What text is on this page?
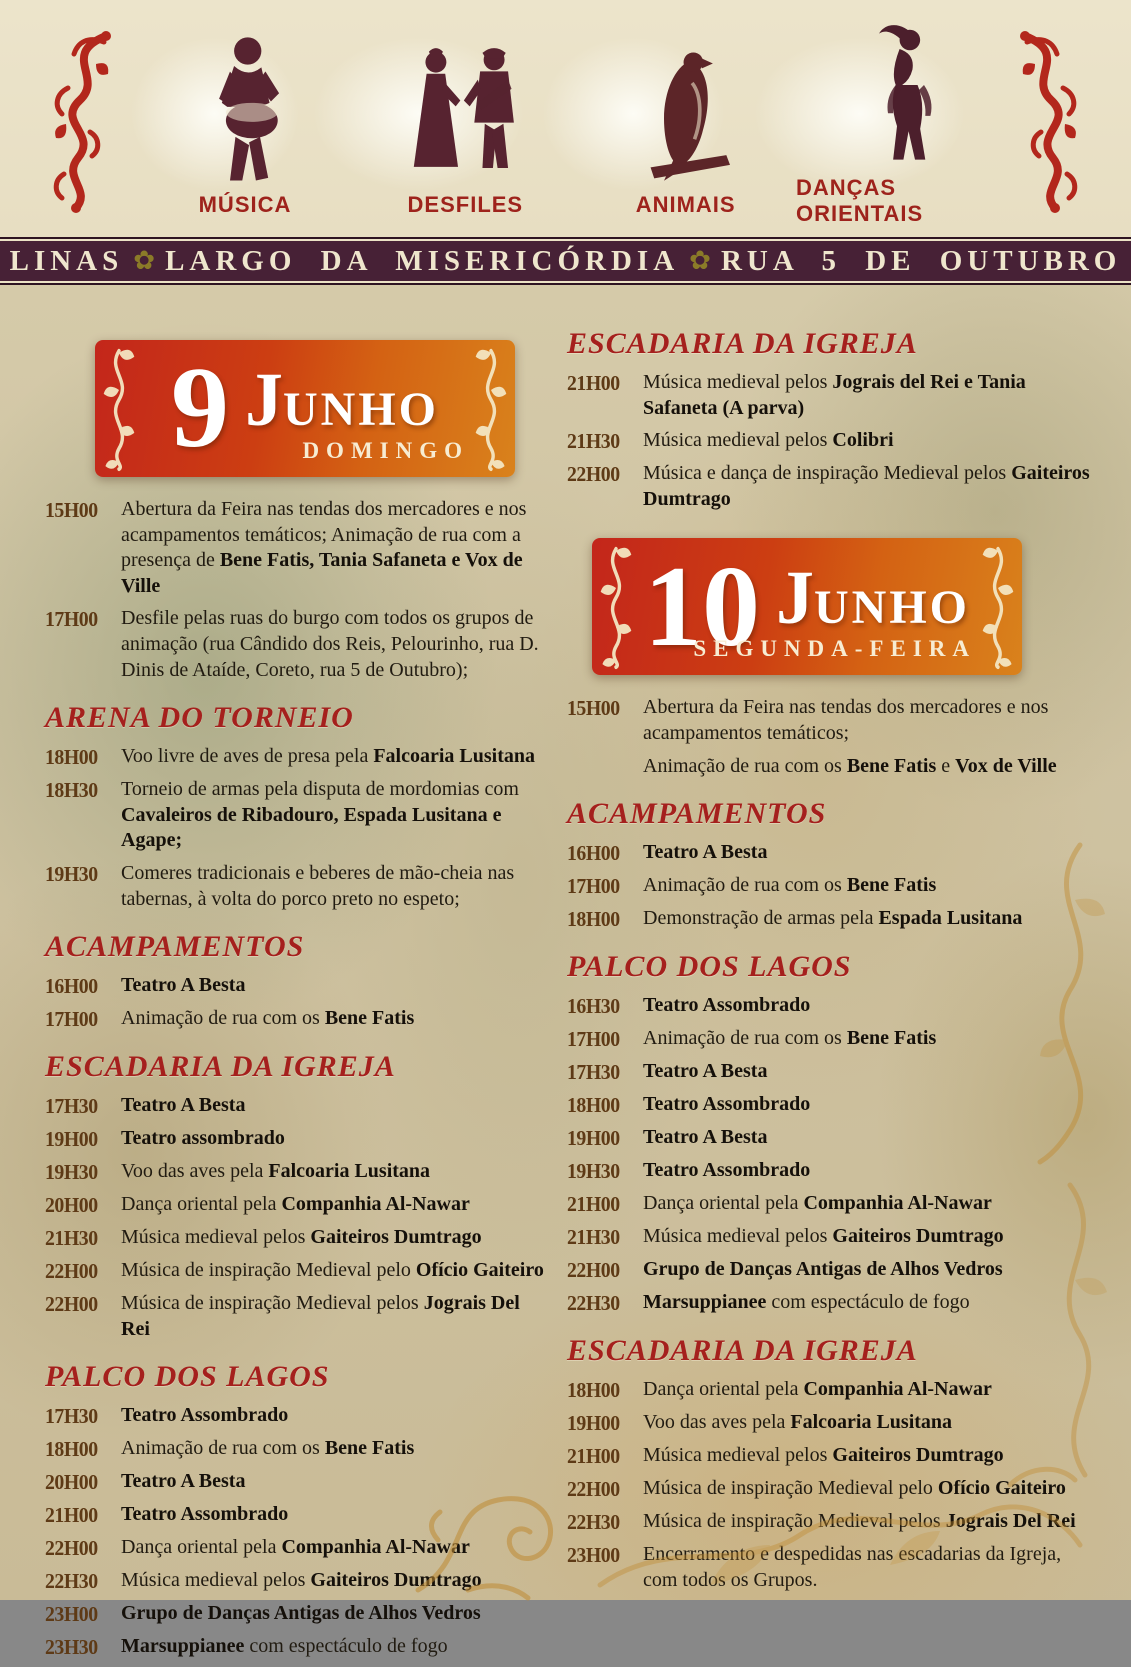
MÚSICA	DESFILES	ANIMAIS
DANÇAS ORIENTAIS
LINAS ✿ LARGO DA MISERICÓRDIA ✿ RUA 5 DE OUTUBRO
9 J UNHO
DOMINGO
15H00	Abertura da Feira nas tendas dos mercadores e nos acampamentos temáticos; Animação de rua com a presença de Bene Fatis, Tania Safaneta e Vox de Ville
17H00	Desfile pelas ruas do burgo com todos os grupos de animação (rua Cândido dos Reis, Pelourinho, rua D. Dinis de Ataíde, Coreto, rua 5 de Outubro);
ARENA DO TORNEIO
18H00	Voo livre de aves de presa pela Falcoaria Lusitana
18H30	Torneio de armas pela disputa de mordomias com Cavaleiros de Ribadouro, Espada Lusitana e Agape;
19H30	Comeres tradicionais e beberes de mão-cheia nas tabernas, à volta do porco preto no espeto;
ACAMPAMENTOS
16H00	Teatro A Besta
17H00	Animação de rua com os Bene Fatis
ESCADARIA DA IGREJA
17H30	Teatro A Besta
19H00	Teatro assombrado
19H30	Voo das aves pela Falcoaria Lusitana
20H00	Dança oriental pela Companhia Al-Nawar
21H30	Música medieval pelos Gaiteiros Dumtrago
22H00	Música de inspiração Medieval pelo Ofício Gaiteiro
22H00	Música de inspiração Medieval pelos Jograis Del Rei
PALCO DOS LAGOS
17H30	Teatro Assombrado
18H00	Animação de rua com os Bene Fatis
20H00	Teatro A Besta
21H00	Teatro Assombrado
22H00	Dança oriental pela Companhia Al-Nawar
22H30	Música medieval pelos Gaiteiros Dumtrago
23H00	Grupo de Danças Antigas de Alhos Vedros
23H30	Marsuppianee com espectáculo de fogo
ESCADARIA DA IGREJA
21H00	Música medieval pelos Jograis del Rei e Tania Safaneta (A parva)
21H30	Música medieval pelos Colibri
22H00	Música e dança de inspiração Medieval pelos Gaiteiros Dumtrago
10 J UNHO
SEGUNDA-FEIRA
15H00	Abertura da Feira nas tendas dos mercadores e nos acampamentos temáticos;
Animação de rua com os Bene Fatis e Vox de Ville
ACAMPAMENTOS
16H00	Teatro A Besta
17H00	Animação de rua com os Bene Fatis
18H00	Demonstração de armas pela Espada Lusitana
PALCO DOS LAGOS
16H30	Teatro Assombrado
17H00	Animação de rua com os Bene Fatis
17H30	Teatro A Besta
18H00	Teatro Assombrado
19H00	Teatro A Besta
19H30	Teatro Assombrado
21H00	Dança oriental pela Companhia Al-Nawar
21H30	Música medieval pelos Gaiteiros Dumtrago
22H00	Grupo de Danças Antigas de Alhos Vedros
22H30	Marsuppianee com espectáculo de fogo
ESCADARIA DA IGREJA
18H00	Dança oriental pela Companhia Al-Nawar
19H00	Voo das aves pela Falcoaria Lusitana
21H00	Música medieval pelos Gaiteiros Dumtrago
22H00	Música de inspiração Medieval pelo Ofício Gaiteiro
22H30	Música de inspiração Medieval pelos Jograis Del Rei
23H00	Encerramento e despedidas nas escadarias da Igreja, com todos os Grupos.
